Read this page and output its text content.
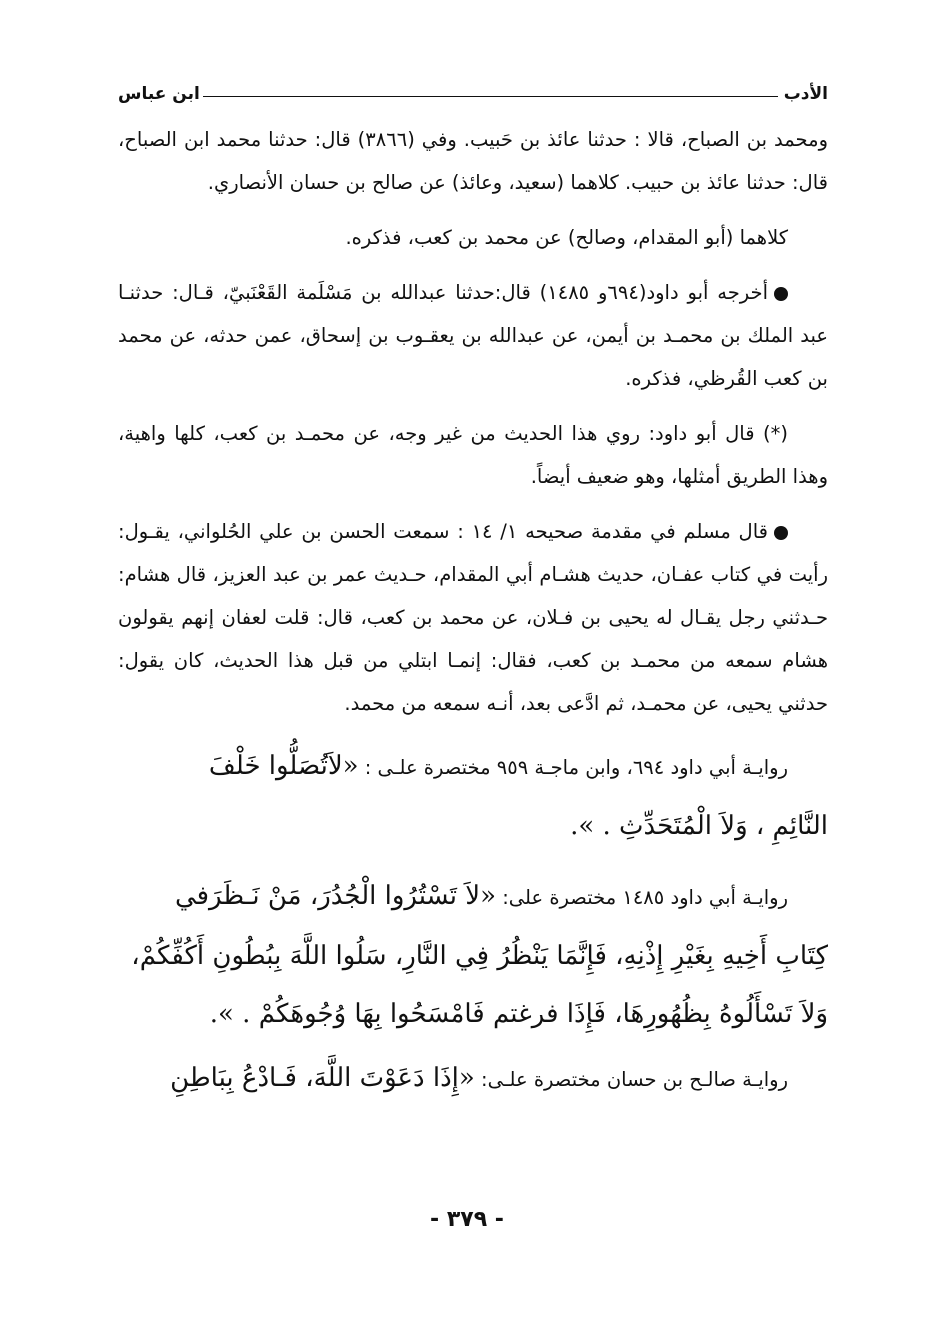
الأدب
ابن عباس

ومحمد بن الصباح، قالا : حدثنا عائذ بن حَبيب. وفي (٣٨٦٦) قال: حدثنا محمد ابن الصباح، قال: حدثنا عائذ بن حبيب. كلاهما (سعيد، وعائذ) عن صالح بن حسان الأنصاري.

كلاهما (أبو المقدام، وصالح) عن محمد بن كعب، فذكره.

أخرجه أبو داود(٦٩٤و ١٤٨٥) قال:حدثنا عبدالله بن مَسْلَمة القَعْنَبيّ، قـال: حدثنـا عبد الملك بن محمـد بن أيمن، عن عبدالله بن يعقـوب بن إسحاق، عمن حدثه، عن محمد بن كعب القُرظي، فذكره.

(*) قال أبو داود: روي هذا الحديث من غير وجه، عن محمـد بن كعب، كلها واهية، وهذا الطريق أمثلها، وهو ضعيف أيضاً.

قال مسلم في مقدمة صحيحه ١/ ١٤ : سمعت الحسن بن علي الحُلواني، يقـول: رأيت في كتاب عفـان، حديث هشـام أبي المقدام، حـديث عمر بن عبد العزيز، قال هشام: حـدثني رجل يقـال له يحيى بن فـلان، عن محمد بن كعب، قال: قلت لعفان إنهم يقولون هشام سمعه من محمـد بن كعب، فقال: إنمـا ابتلي من قبل هذا الحديث، كان يقول: حدثني يحيى، عن محمـد، ثم ادَّعى بعد، أنـه سمعه من محمد.

روايـة أبي داود ٦٩٤، وابن ماجـة ٩٥٩ مختصرة علـى : «لاَتُصَلُّوا خَلْفَ

النَّائِمِ ، وَلاَ الْمُتَحَدِّثِ . ».

روايـة أبي داود ١٤٨٥ مختصرة على: «لاَ تَسْتُرُوا الْجُدُرَ، مَنْ نَـظَرَفي

كِتَابِ أَخِيهِ بِغَيْرِ إِذْنِهِ، فَإِنَّمَا يَنْظُرُ فِي النَّارِ، سَلُوا اللَّهَ بِبُطُونِ أَكُفِّكُمْ،

وَلاَ تَسْأَلُوهُ بِظُهُورِهَا، فَإِذَا فرغتم فَامْسَحُوا بِهَا وُجُوهَكُمْ . ».

روايـة صالـح بن حسان مختصرة علـى: «إِذَا دَعَوْتَ اللَّهَ، فَـادْعُ بِبَاطِنِ

- ٣٧٩ -
